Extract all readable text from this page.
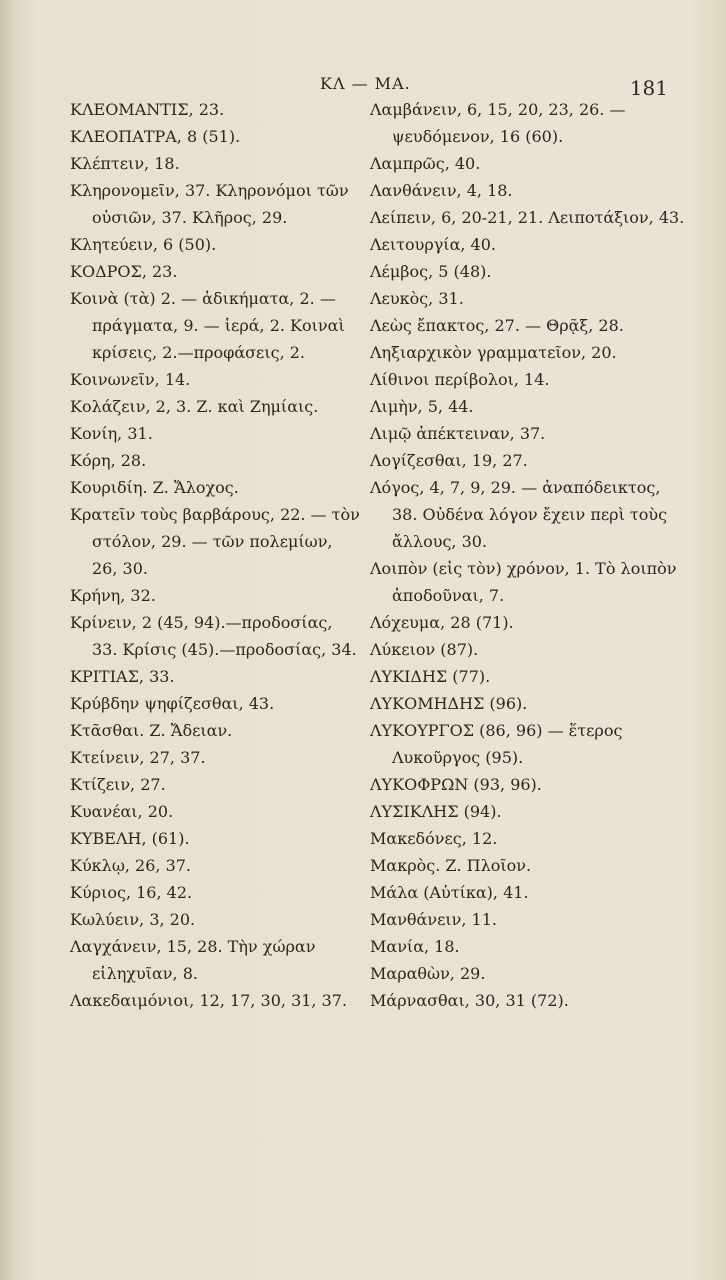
ΚΛ — ΜΑ.	181
ΚΛΕΟΜΑΝΤΙΣ, 23.
ΚΛΕΟΠΑΤΡΑ, 8 (51).
Κλέπτειν, 18.
Κληρονομεῖν, 37. Κληρονόμοι τῶν οὐσιῶν, 37. Κλῆρος, 29.
Κλητεύειν, 6 (50).
ΚΟΔΡΟΣ, 23.
Κοινὰ (τὰ) 2. — ἀδικήματα, 2. — πράγματα, 9. — ἱερά, 2. Κοιναὶ κρίσεις, 2.—προφάσεις, 2.
Κοινωνεῖν, 14.
Κολάζειν, 2, 3. Ζ. καὶ Ζημίαις.
Κονίη, 31.
Κόρη, 28.
Κουριδίη. Ζ. Ἄλοχος.
Κρατεῖν τοὺς βαρβάρους, 22. — τὸν στόλον, 29. — τῶν πολεμίων, 26, 30.
Κρήνη, 32.
Κρίνειν, 2 (45, 94).—προδοσίας, 33. Κρίσις (45).—προδοσίας, 34.
ΚΡΙΤΙΑΣ, 33.
Κρύβδην ψηφίζεσθαι, 43.
Κτᾶσθαι. Ζ. Ἄδειαν.
Κτείνειν, 27, 37.
Κτίζειν, 27.
Κυανέαι, 20.
ΚΥΒΕΛΗ, (61).
Κύκλῳ, 26, 37.
Κύριος, 16, 42.
Κωλύειν, 3, 20.
Λαγχάνειν, 15, 28. Τὴν χώραν εἰληχυῖαν, 8.
Λακεδαιμόνιοι, 12, 17, 30, 31, 37.
Λαμβάνειν, 6, 15, 20, 23, 26. — ψευδόμενον, 16 (60).
Λαμπρῶς, 40.
Λανθάνειν, 4, 18.
Λείπειν, 6, 20-21, 21. Λειποτάξιον, 43.
Λειτουργία, 40.
Λέμβος, 5 (48).
Λευκὸς, 31.
Λεὼς ἔπακτος, 27. — Θρᾷξ, 28.
Ληξιαρχικὸν γραμματεῖον, 20.
Λίθινοι περίβολοι, 14.
Λιμὴν, 5, 44.
Λιμῷ ἀπέκτειναν, 37.
Λογίζεσθαι, 19, 27.
Λόγος, 4, 7, 9, 29. — ἀναπόδεικτος, 38. Οὐδένα λόγον ἔχειν περὶ τοὺς ἄλλους, 30.
Λοιπὸν (εἰς τὸν) χρόνον, 1. Τὸ λοιπὸν ἀποδοῦναι, 7.
Λόχευμα, 28 (71).
Λύκειον (87).
ΛΥΚΙΔΗΣ (77).
ΛΥΚΟΜΗΔΗΣ (96).
ΛΥΚΟΥΡΓΟΣ (86, 96) — ἕτερος Λυκοῦργος (95).
ΛΥΚΟΦΡΩΝ (93, 96).
ΛΥΣΙΚΛΗΣ (94).
Μακεδόνες, 12.
Μακρὸς. Ζ. Πλοῖον.
Μάλα (Αὐτίκα), 41.
Μανθάνειν, 11.
Μανία, 18.
Μαραθὼν, 29.
Μάρνασθαι, 30, 31 (72).
